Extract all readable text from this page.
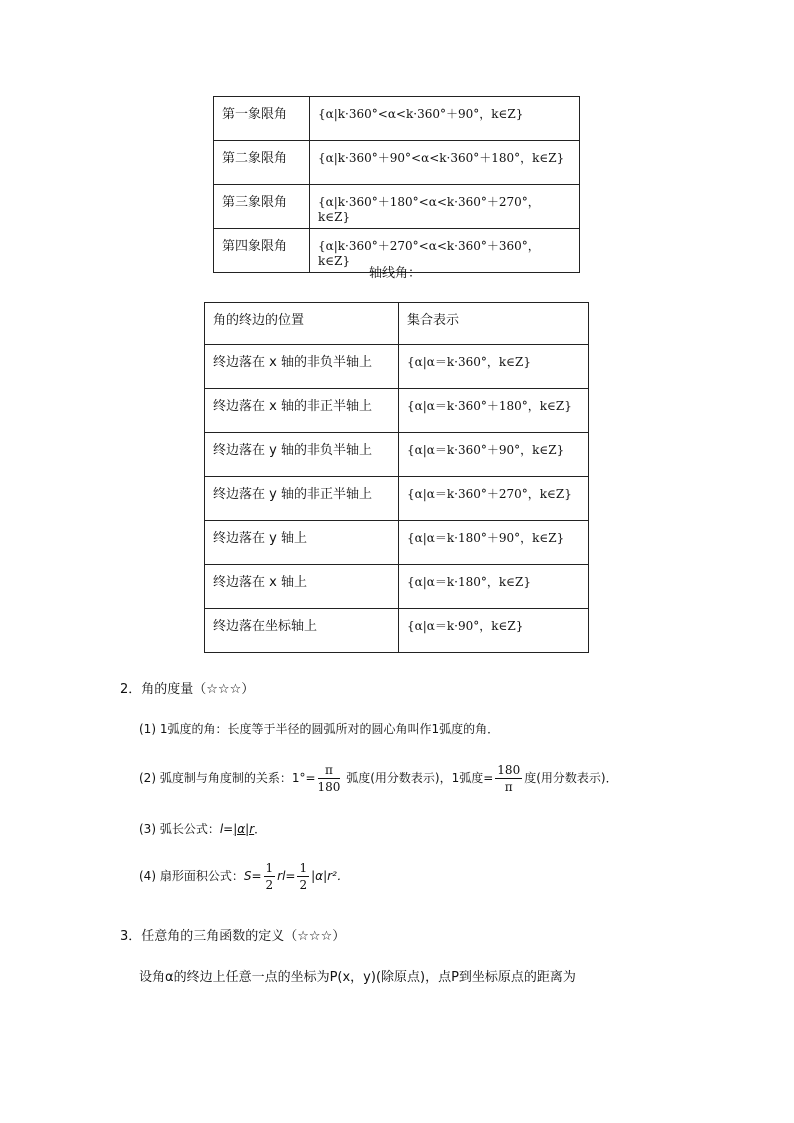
第一象限角	{α|k·360°<α<k·360°＋90°，k∈Z}
第二象限角	{α|k·360°＋90°<α<k·360°＋180°，k∈Z}
第三象限角	{α|k·360°＋180°<α<k·360°＋270°，k∈Z}
第四象限角	{α|k·360°＋270°<α<k·360°＋360°，k∈Z}
轴线角：
角的终边的位置	集合表示
终边落在 x 轴的非负半轴上	{α|α＝k·360°，k∈Z}
终边落在 x 轴的非正半轴上	{α|α＝k·360°＋180°，k∈Z}
终边落在 y 轴的非负半轴上	{α|α＝k·360°＋90°，k∈Z}
终边落在 y 轴的非正半轴上	{α|α＝k·360°＋270°，k∈Z}
终边落在 y 轴上	{α|α＝k·180°＋90°，k∈Z}
终边落在 x 轴上	{α|α＝k·180°，k∈Z}
终边落在坐标轴上	{α|α＝k·90°，k∈Z}
2．角的度量（☆☆☆）
(1) 1弧度的角：长度等于半径的圆弧所对的圆心角叫作1弧度的角．
(2) 弧度制与角度制的关系：$1^\circ= \frac{\pi}{180}$ 弧度(用分数表示)，1弧度= $\frac{180}{\pi}$ 度(用分数表示)．
(3) 弧长公式：l=|α|r．
(4) 扇形面积公式：$S= \frac{1}{2} rl= \frac{1}{2} |\alpha|r^2$．
3．任意角的三角函数的定义（☆☆☆）
设角α的终边上任意一点的坐标为P(x，y)(除原点)，点P到坐标原点的距离为
